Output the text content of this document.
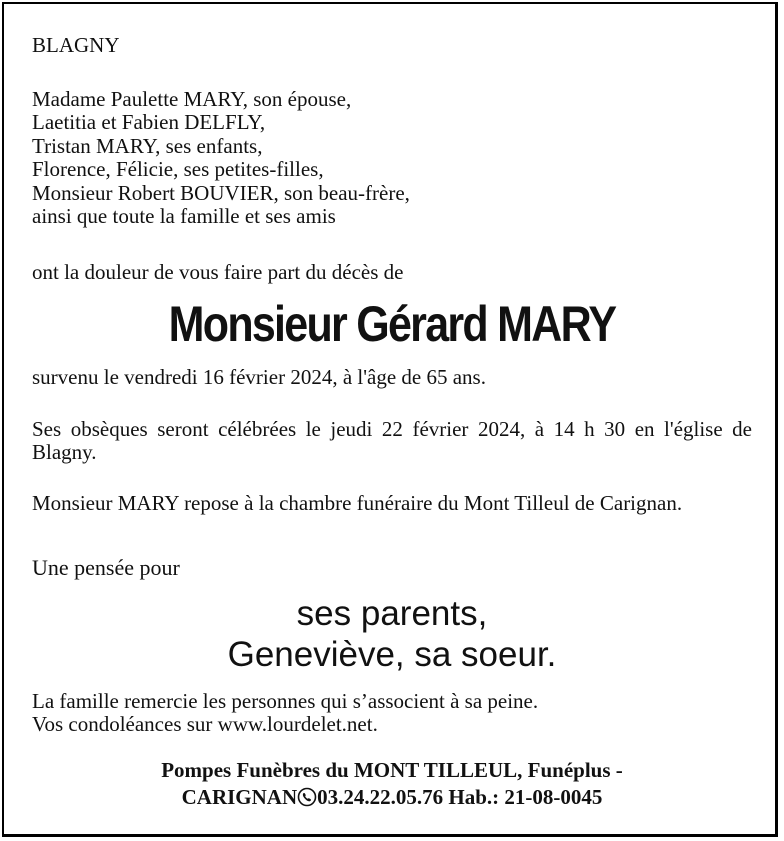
BLAGNY
Madame Paulette MARY, son épouse,
Laetitia et Fabien DELFLY,
Tristan MARY, ses enfants,
Florence, Félicie, ses petites-filles,
Monsieur Robert BOUVIER, son beau-frère,
ainsi que toute la famille et ses amis
ont la douleur de vous faire part du décès de
Monsieur Gérard MARY
survenu le vendredi 16 février 2024, à l'âge de 65 ans.
Ses obsèques seront célébrées le jeudi 22 février 2024, à 14 h 30 en l'église de Blagny.
Monsieur MARY repose à la chambre funéraire du Mont Tilleul de Carignan.
Une pensée pour
ses parents,
Geneviève, sa soeur.
La famille remercie les personnes qui s’associent à sa peine.
Vos condoléances sur www.lourdelet.net.
Pompes Funèbres du MONT TILLEUL, Funéplus -
CARIGNAN 03.24.22.05.76 Hab.: 21-08-0045
